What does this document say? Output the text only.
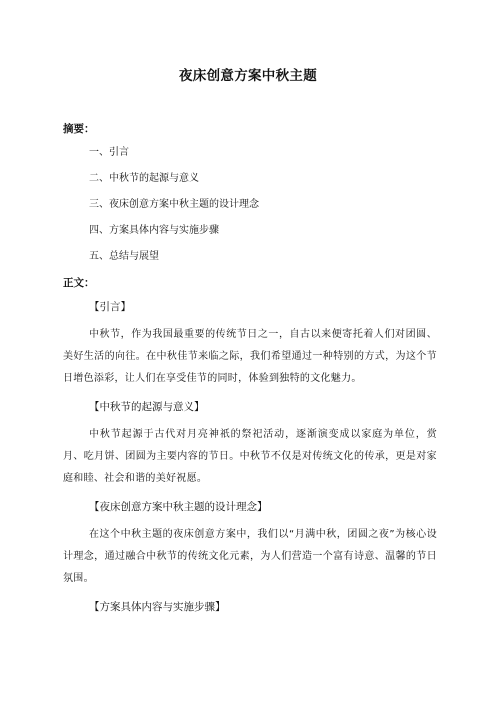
夜床创意方案中秋主题

摘要：

一、引言
二、中秋节的起源与意义
三、夜床创意方案中秋主题的设计理念
四、方案具体内容与实施步骤
五、总结与展望

正文：

【引言】

中秋节，作为我国最重要的传统节日之一，自古以来便寄托着人们对团圆、美好生活的向往。在中秋佳节来临之际，我们希望通过一种特别的方式，为这个节日增色添彩，让人们在享受佳节的同时，体验到独特的文化魅力。

【中秋节的起源与意义】

中秋节起源于古代对月亮神祇的祭祀活动，逐渐演变成以家庭为单位，赏月、吃月饼、团圆为主要内容的节日。中秋节不仅是对传统文化的传承，更是对家庭和睦、社会和谐的美好祝愿。

【夜床创意方案中秋主题的设计理念】

在这个中秋主题的夜床创意方案中，我们以“月满中秋，团圆之夜”为核心设计理念，通过融合中秋节的传统文化元素，为人们营造一个富有诗意、温馨的节日氛围。

【方案具体内容与实施步骤】
